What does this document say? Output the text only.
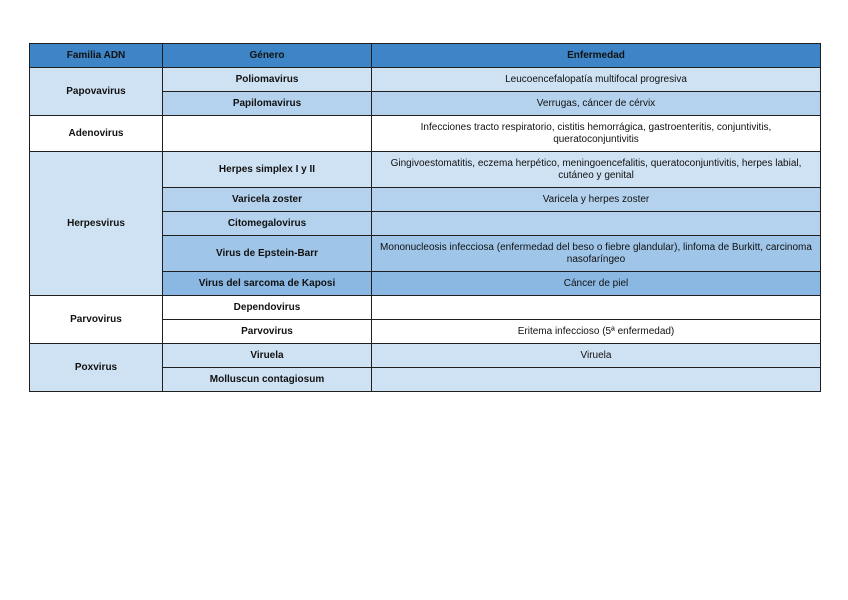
Familia ADN	Género	Enfermedad
Papovavirus	Poliomavirus	Leucoencefalopatía multifocal progresiva
	Papilomavirus	Verrugas, cáncer de cérvix
Adenovirus		Infecciones tracto respiratorio, cistitis hemorrágica, gastroenteritis, conjuntivitis, queratoconjuntivitis
Herpesvirus	Herpes simplex I y II	Gingivoestomatitis, eczema herpético, meningoencefalitis, queratoconjuntivitis, herpes labial, cutáneo y genital
	Varicela zoster	Varicela y herpes zoster
	Citomegalovirus	
	Virus de Epstein-Barr	Mononucleosis infecciosa (enfermedad del beso o fiebre glandular), linfoma de Burkitt, carcinoma nasofaríngeo
	Virus del sarcoma de Kaposi	Cáncer de piel
Parvovirus	Dependovirus	
	Parvovirus	Eritema infeccioso (5ª enfermedad)
Poxvirus	Viruela	Viruela
	Molluscun contagiosum	
